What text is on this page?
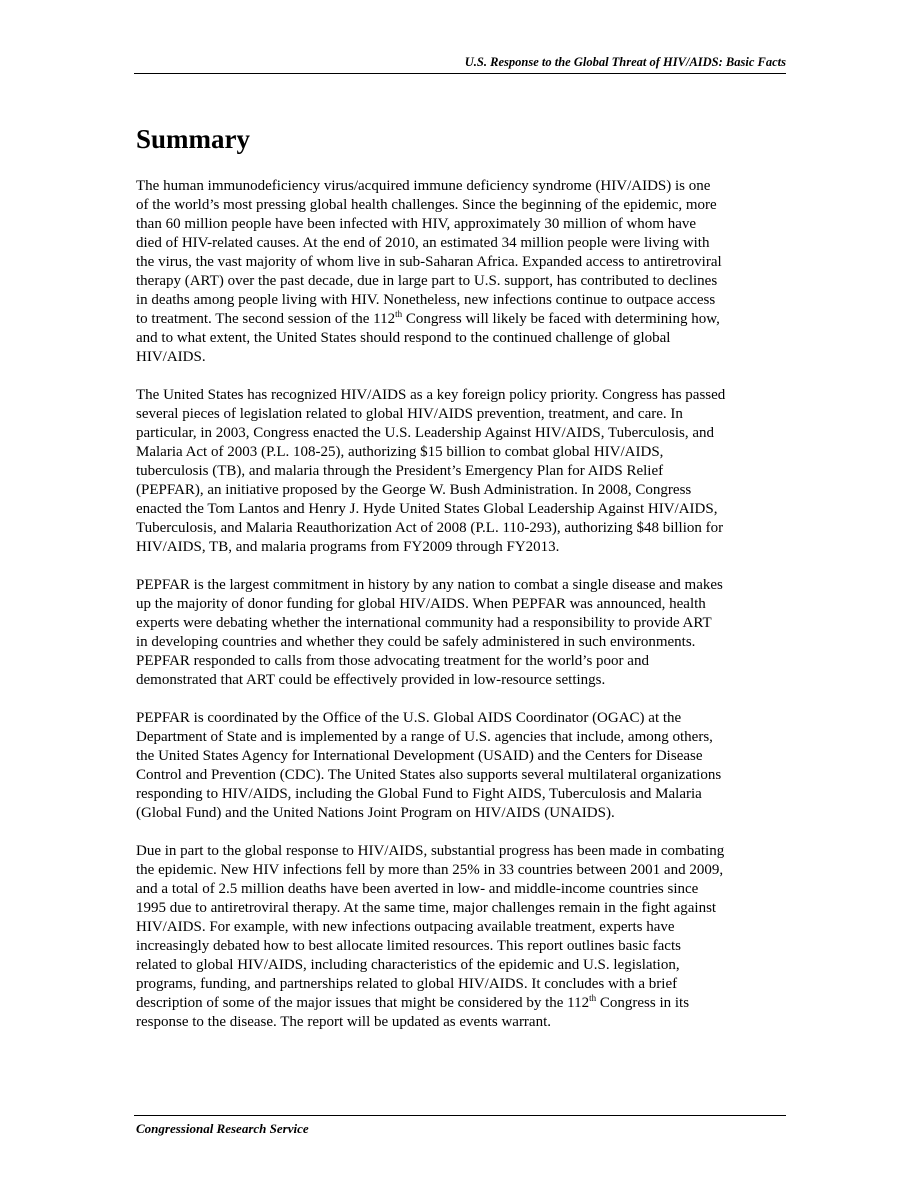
U.S. Response to the Global Threat of HIV/AIDS: Basic Facts
Summary

The human immunodeficiency virus/acquired immune deficiency syndrome (HIV/AIDS) is one
of the world’s most pressing global health challenges. Since the beginning of the epidemic, more
than 60 million people have been infected with HIV, approximately 30 million of whom have
died of HIV-related causes. At the end of 2010, an estimated 34 million people were living with
the virus, the vast majority of whom live in sub-Saharan Africa. Expanded access to antiretroviral
therapy (ART) over the past decade, due in large part to U.S. support, has contributed to declines
in deaths among people living with HIV. Nonetheless, new infections continue to outpace access
to treatment. The second session of the 112th Congress will likely be faced with determining how,
and to what extent, the United States should respond to the continued challenge of global
HIV/AIDS.

The United States has recognized HIV/AIDS as a key foreign policy priority. Congress has passed
several pieces of legislation related to global HIV/AIDS prevention, treatment, and care. In
particular, in 2003, Congress enacted the U.S. Leadership Against HIV/AIDS, Tuberculosis, and
Malaria Act of 2003 (P.L. 108-25), authorizing $15 billion to combat global HIV/AIDS,
tuberculosis (TB), and malaria through the President’s Emergency Plan for AIDS Relief
(PEPFAR), an initiative proposed by the George W. Bush Administration. In 2008, Congress
enacted the Tom Lantos and Henry J. Hyde United States Global Leadership Against HIV/AIDS,
Tuberculosis, and Malaria Reauthorization Act of 2008 (P.L. 110-293), authorizing $48 billion for
HIV/AIDS, TB, and malaria programs from FY2009 through FY2013.

PEPFAR is the largest commitment in history by any nation to combat a single disease and makes
up the majority of donor funding for global HIV/AIDS. When PEPFAR was announced, health
experts were debating whether the international community had a responsibility to provide ART
in developing countries and whether they could be safely administered in such environments.
PEPFAR responded to calls from those advocating treatment for the world’s poor and
demonstrated that ART could be effectively provided in low-resource settings.

PEPFAR is coordinated by the Office of the U.S. Global AIDS Coordinator (OGAC) at the
Department of State and is implemented by a range of U.S. agencies that include, among others,
the United States Agency for International Development (USAID) and the Centers for Disease
Control and Prevention (CDC). The United States also supports several multilateral organizations
responding to HIV/AIDS, including the Global Fund to Fight AIDS, Tuberculosis and Malaria
(Global Fund) and the United Nations Joint Program on HIV/AIDS (UNAIDS).

Due in part to the global response to HIV/AIDS, substantial progress has been made in combating
the epidemic. New HIV infections fell by more than 25% in 33 countries between 2001 and 2009,
and a total of 2.5 million deaths have been averted in low- and middle-income countries since
1995 due to antiretroviral therapy. At the same time, major challenges remain in the fight against
HIV/AIDS. For example, with new infections outpacing available treatment, experts have
increasingly debated how to best allocate limited resources. This report outlines basic facts
related to global HIV/AIDS, including characteristics of the epidemic and U.S. legislation,
programs, funding, and partnerships related to global HIV/AIDS. It concludes with a brief
description of some of the major issues that might be considered by the 112th Congress in its
response to the disease. The report will be updated as events warrant.

Congressional Research Service
